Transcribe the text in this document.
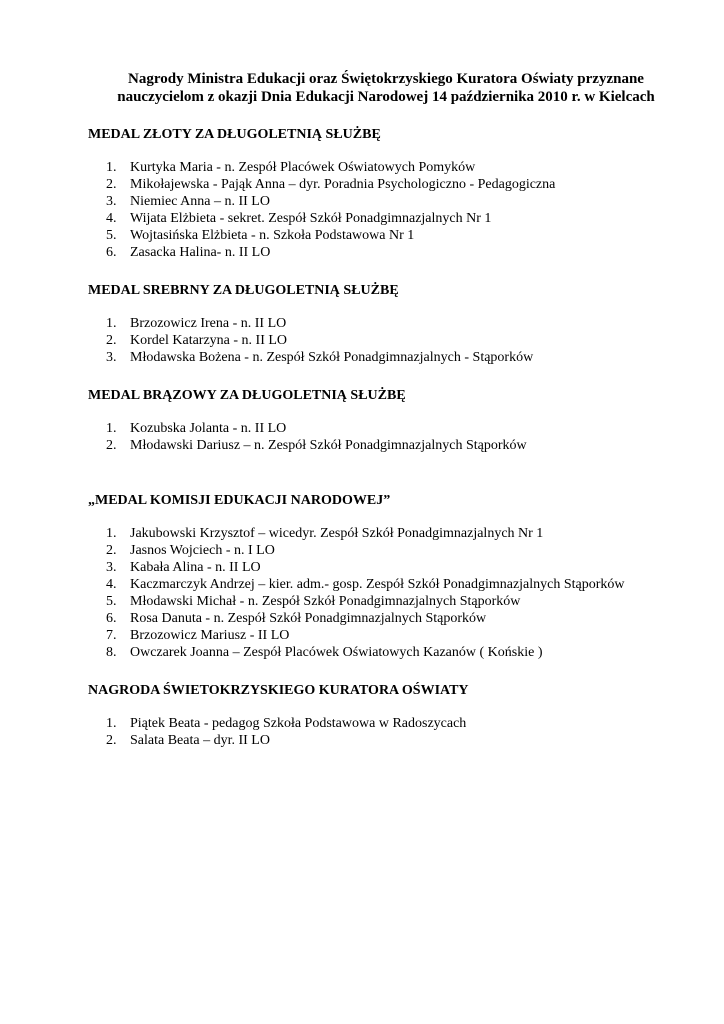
Nagrody Ministra Edukacji oraz Świętokrzyskiego Kuratora Oświaty przyznane
nauczycielom z okazji Dnia Edukacji Narodowej 14 października 2010 r. w Kielcach
MEDAL ZŁOTY ZA DŁUGOLETNIĄ SŁUŻBĘ
1. Kurtyka Maria - n. Zespół Placówek Oświatowych Pomyków
2. Mikołajewska - Pająk Anna – dyr. Poradnia Psychologiczno - Pedagogiczna
3. Niemiec Anna – n. II LO
4. Wijata Elżbieta - sekret. Zespół Szkół Ponadgimnazjalnych Nr 1
5. Wojtasińska Elżbieta - n. Szkoła Podstawowa Nr 1
6. Zasacka Halina- n. II LO
MEDAL SREBRNY ZA DŁUGOLETNIĄ SŁUŻBĘ
1. Brzozowicz Irena - n. II LO
2. Kordel Katarzyna - n. II LO
3. Młodawska Bożena - n. Zespół Szkół Ponadgimnazjalnych - Stąporków
MEDAL BRĄZOWY ZA DŁUGOLETNIĄ SŁUŻBĘ
1. Kozubska Jolanta - n. II LO
2. Młodawski Dariusz – n. Zespół Szkół Ponadgimnazjalnych Stąporków
„MEDAL KOMISJI EDUKACJI NARODOWEJ”
1. Jakubowski Krzysztof – wicedyr. Zespół Szkół Ponadgimnazjalnych Nr 1
2. Jasnos Wojciech - n. I LO
3. Kabała Alina - n. II LO
4. Kaczmarczyk Andrzej – kier. adm.- gosp. Zespół Szkół Ponadgimnazjalnych Stąporków
5. Młodawski Michał - n. Zespół Szkół Ponadgimnazjalnych Stąporków
6. Rosa Danuta - n. Zespół Szkół Ponadgimnazjalnych Stąporków
7. Brzozowicz Mariusz - II LO
8. Owczarek Joanna – Zespół Placówek Oświatowych Kazanów ( Końskie )
NAGRODA ŚWIETOKRZYSKIEGO KURATORA OŚWIATY
1. Piątek Beata - pedagog Szkoła Podstawowa w Radoszycach
2. Salata Beata – dyr. II LO
